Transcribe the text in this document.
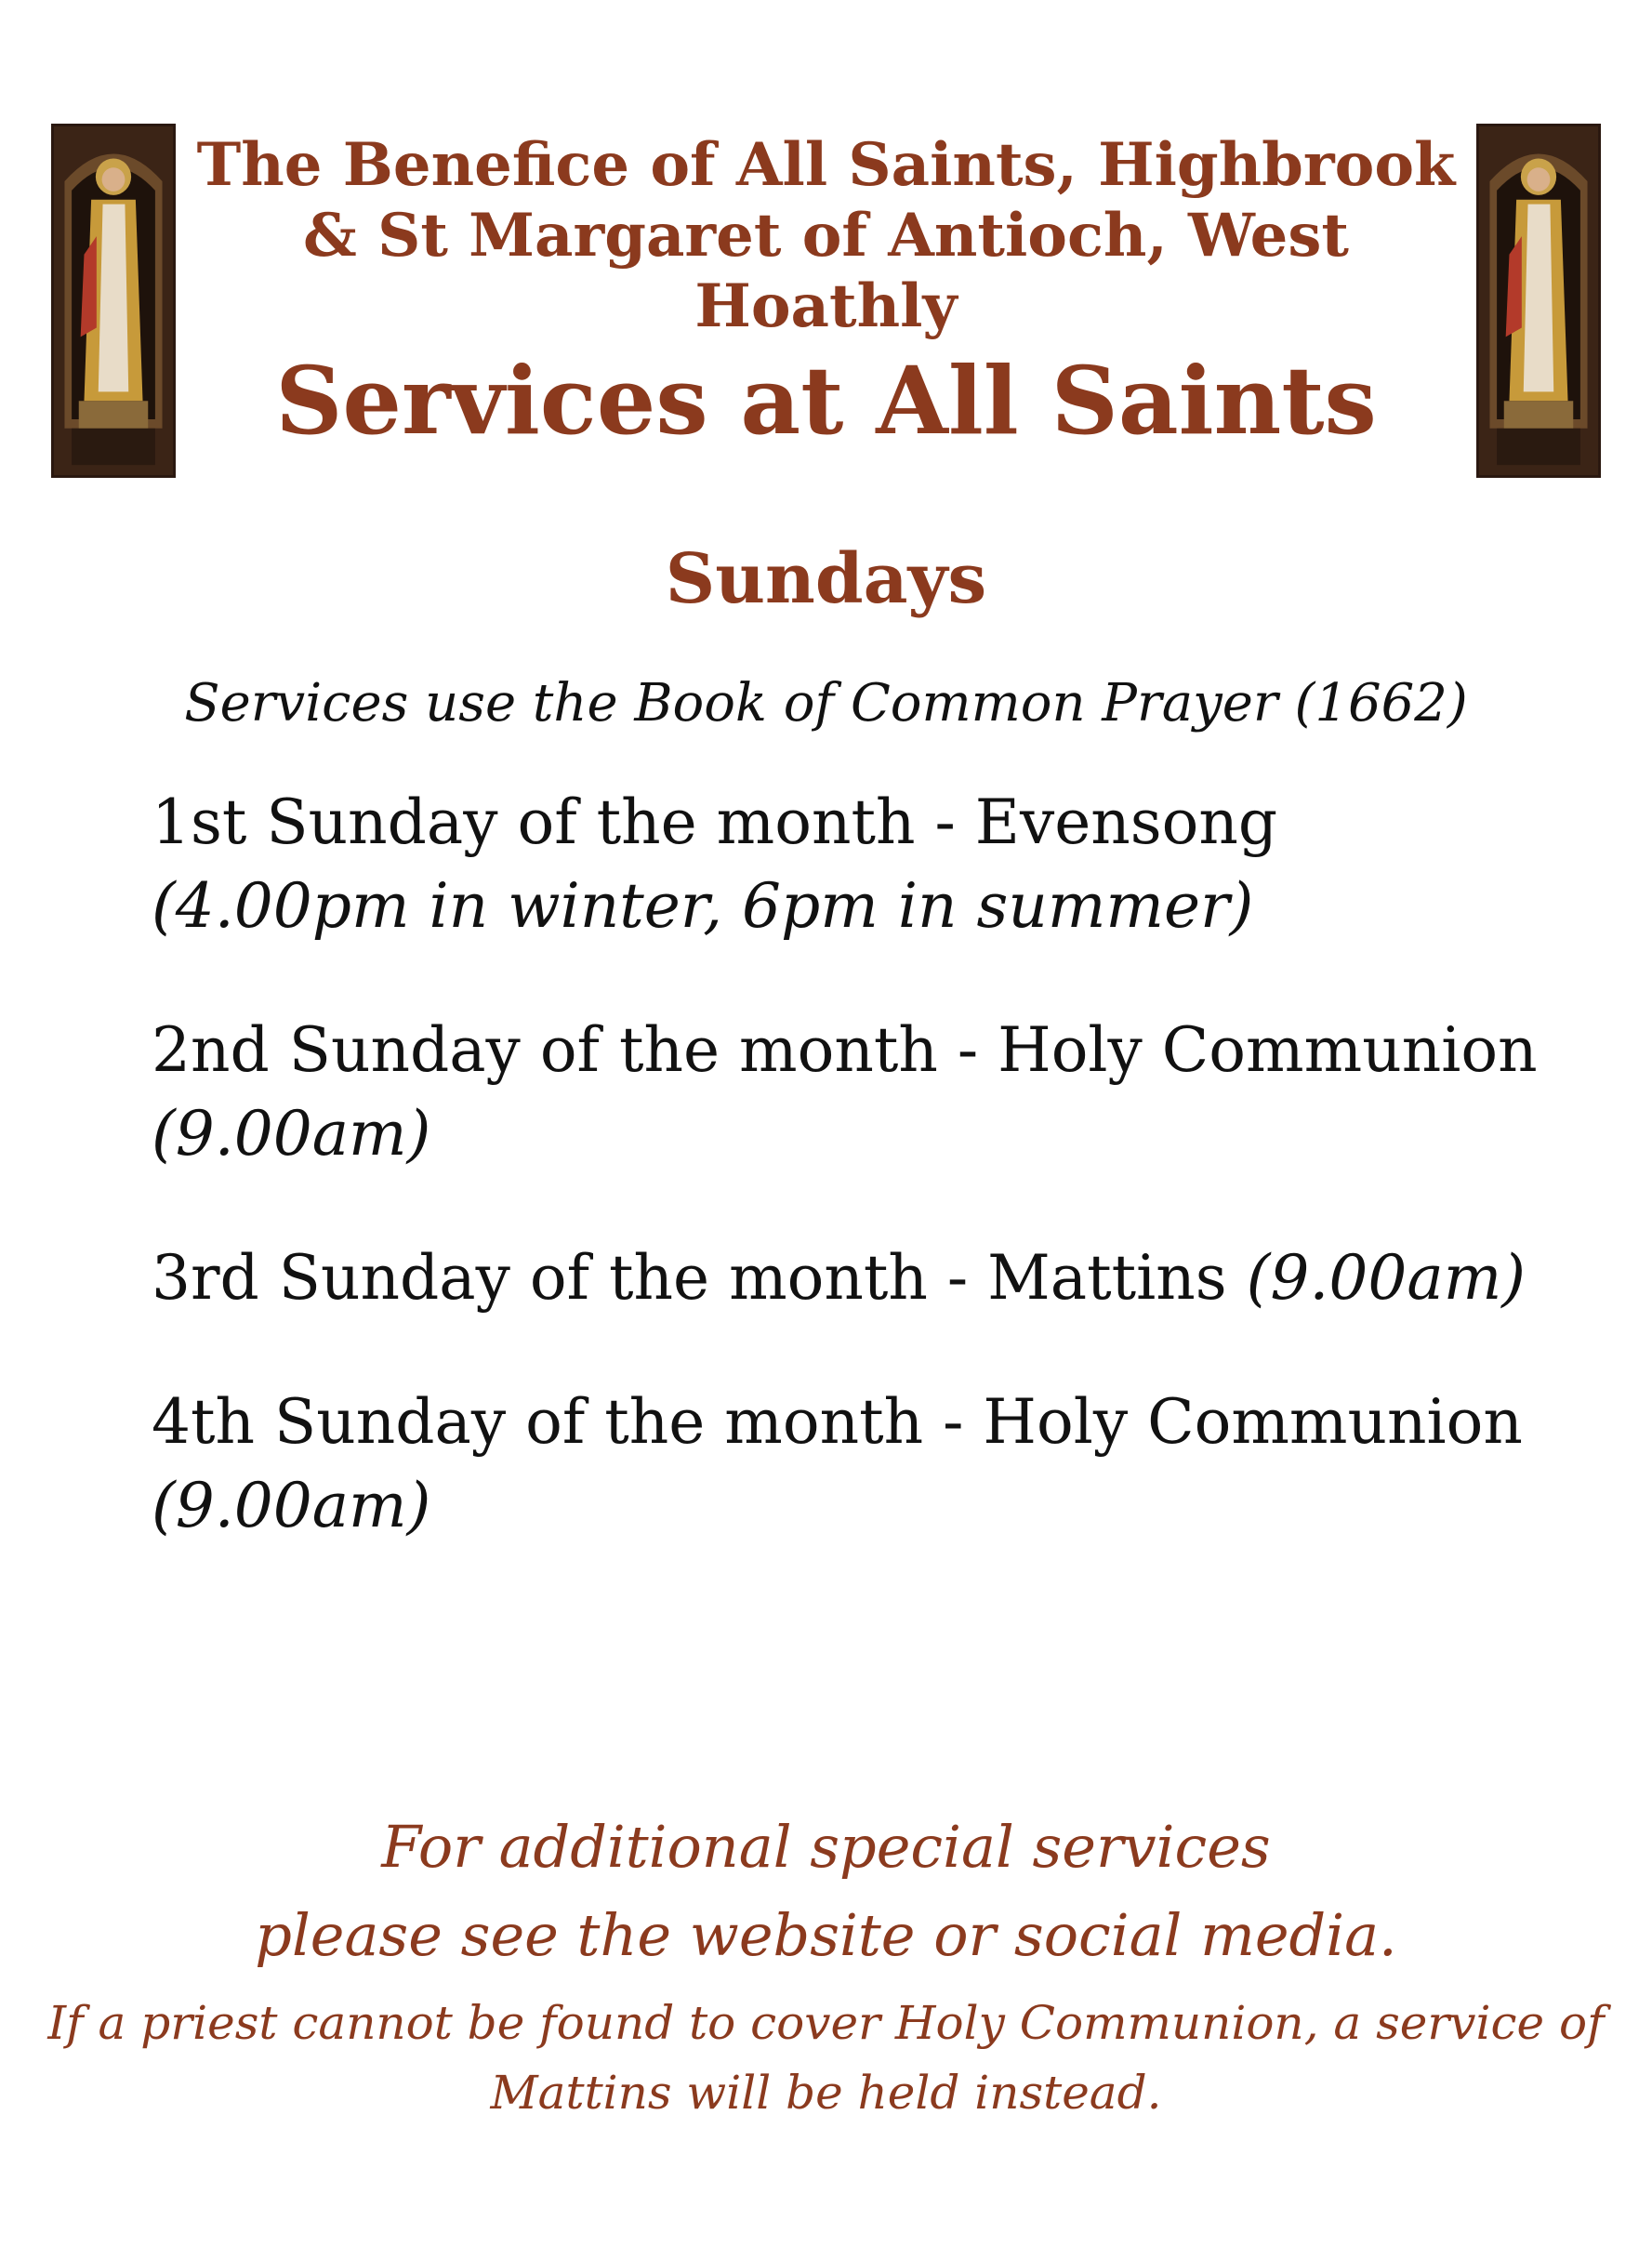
The Benefice of All Saints, Highbrook
& St Margaret of Antioch, West Hoathly
Services at All Saints
Sundays
Services use the Book of Common Prayer (1662)
1st Sunday of the month - Evensong
(4.00pm in winter, 6pm in summer)
2nd Sunday of the month - Holy Communion
(9.00am)
3rd Sunday of the month - Mattins (9.00am)
4th Sunday of the month - Holy Communion
(9.00am)
For additional special services
please see the website or social media.
If a priest cannot be found to cover Holy Communion, a service of
Mattins will be held instead.
